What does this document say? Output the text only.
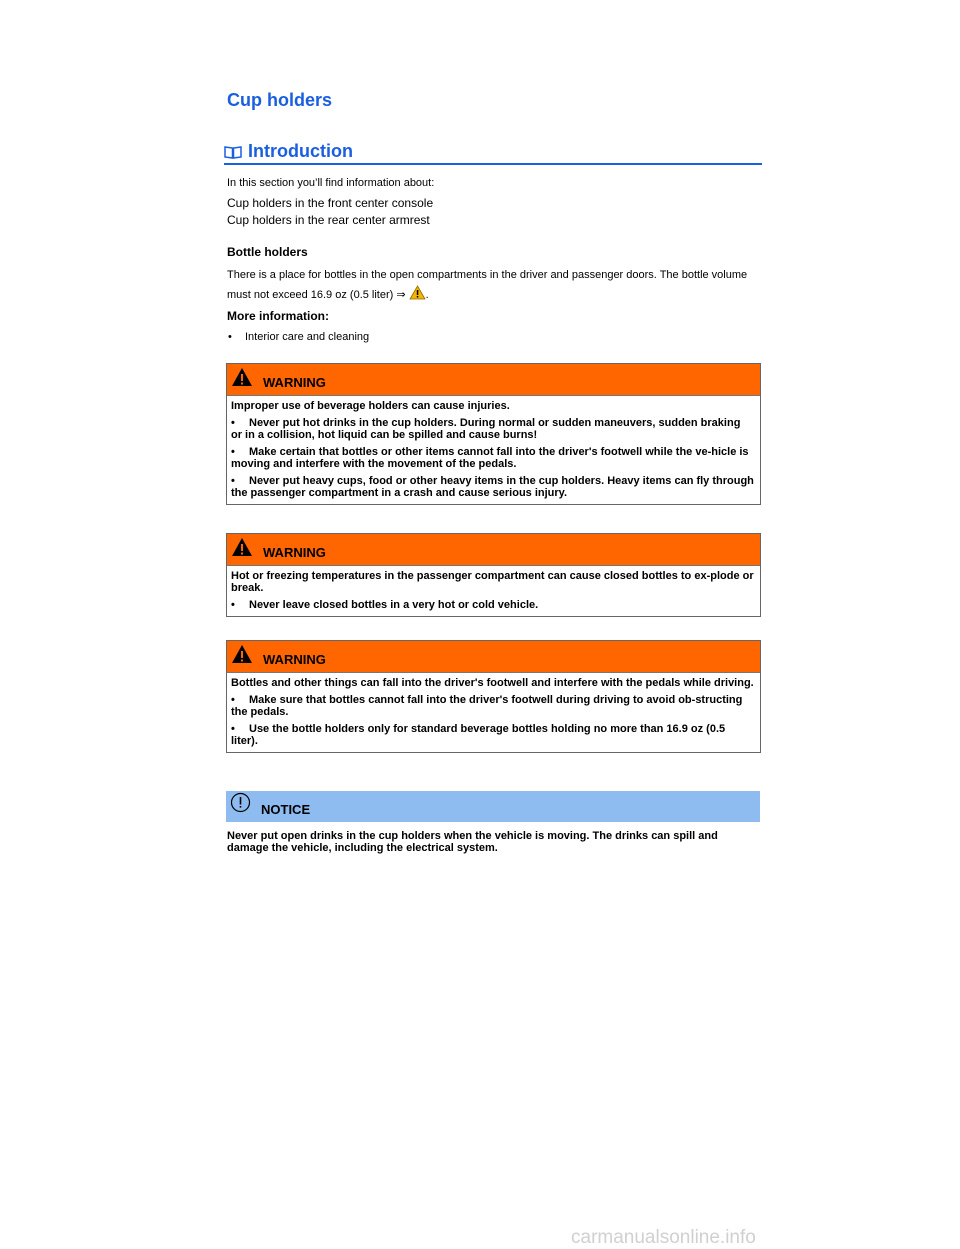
Cup holders
Introduction
In this section you’ll find information about:
Cup holders in the front center console
Cup holders in the rear center armrest
Bottle holders
There is a place for bottles in the open compartments in the driver and passenger doors. The bottle volume must not exceed 16.9 oz (0.5 liter) ⇒ .
More information:
• Interior care and cleaning
WARNING

Improper use of beverage holders can cause injuries.

• Never put hot drinks in the cup holders. During normal or sudden maneuvers, sudden braking or in a collision, hot liquid can be spilled and cause burns!

• Make certain that bottles or other items cannot fall into the driver's footwell while the ve-hicle is moving and interfere with the movement of the pedals.

• Never put heavy cups, food or other heavy items in the cup holders. Heavy items can fly through the passenger compartment in a crash and cause serious injury.

WARNING

Hot or freezing temperatures in the passenger compartment can cause closed bottles to ex-plode or break.

• Never leave closed bottles in a very hot or cold vehicle.

WARNING

Bottles and other things can fall into the driver's footwell and interfere with the pedals while driving.

• Make sure that bottles cannot fall into the driver's footwell during driving to avoid ob-structing the pedals.

• Use the bottle holders only for standard beverage bottles holding no more than 16.9 oz (0.5 liter).

NOTICE
Never put open drinks in the cup holders when the vehicle is moving. The drinks can spill and damage the vehicle, including the electrical system.
carmanualsonline.info
